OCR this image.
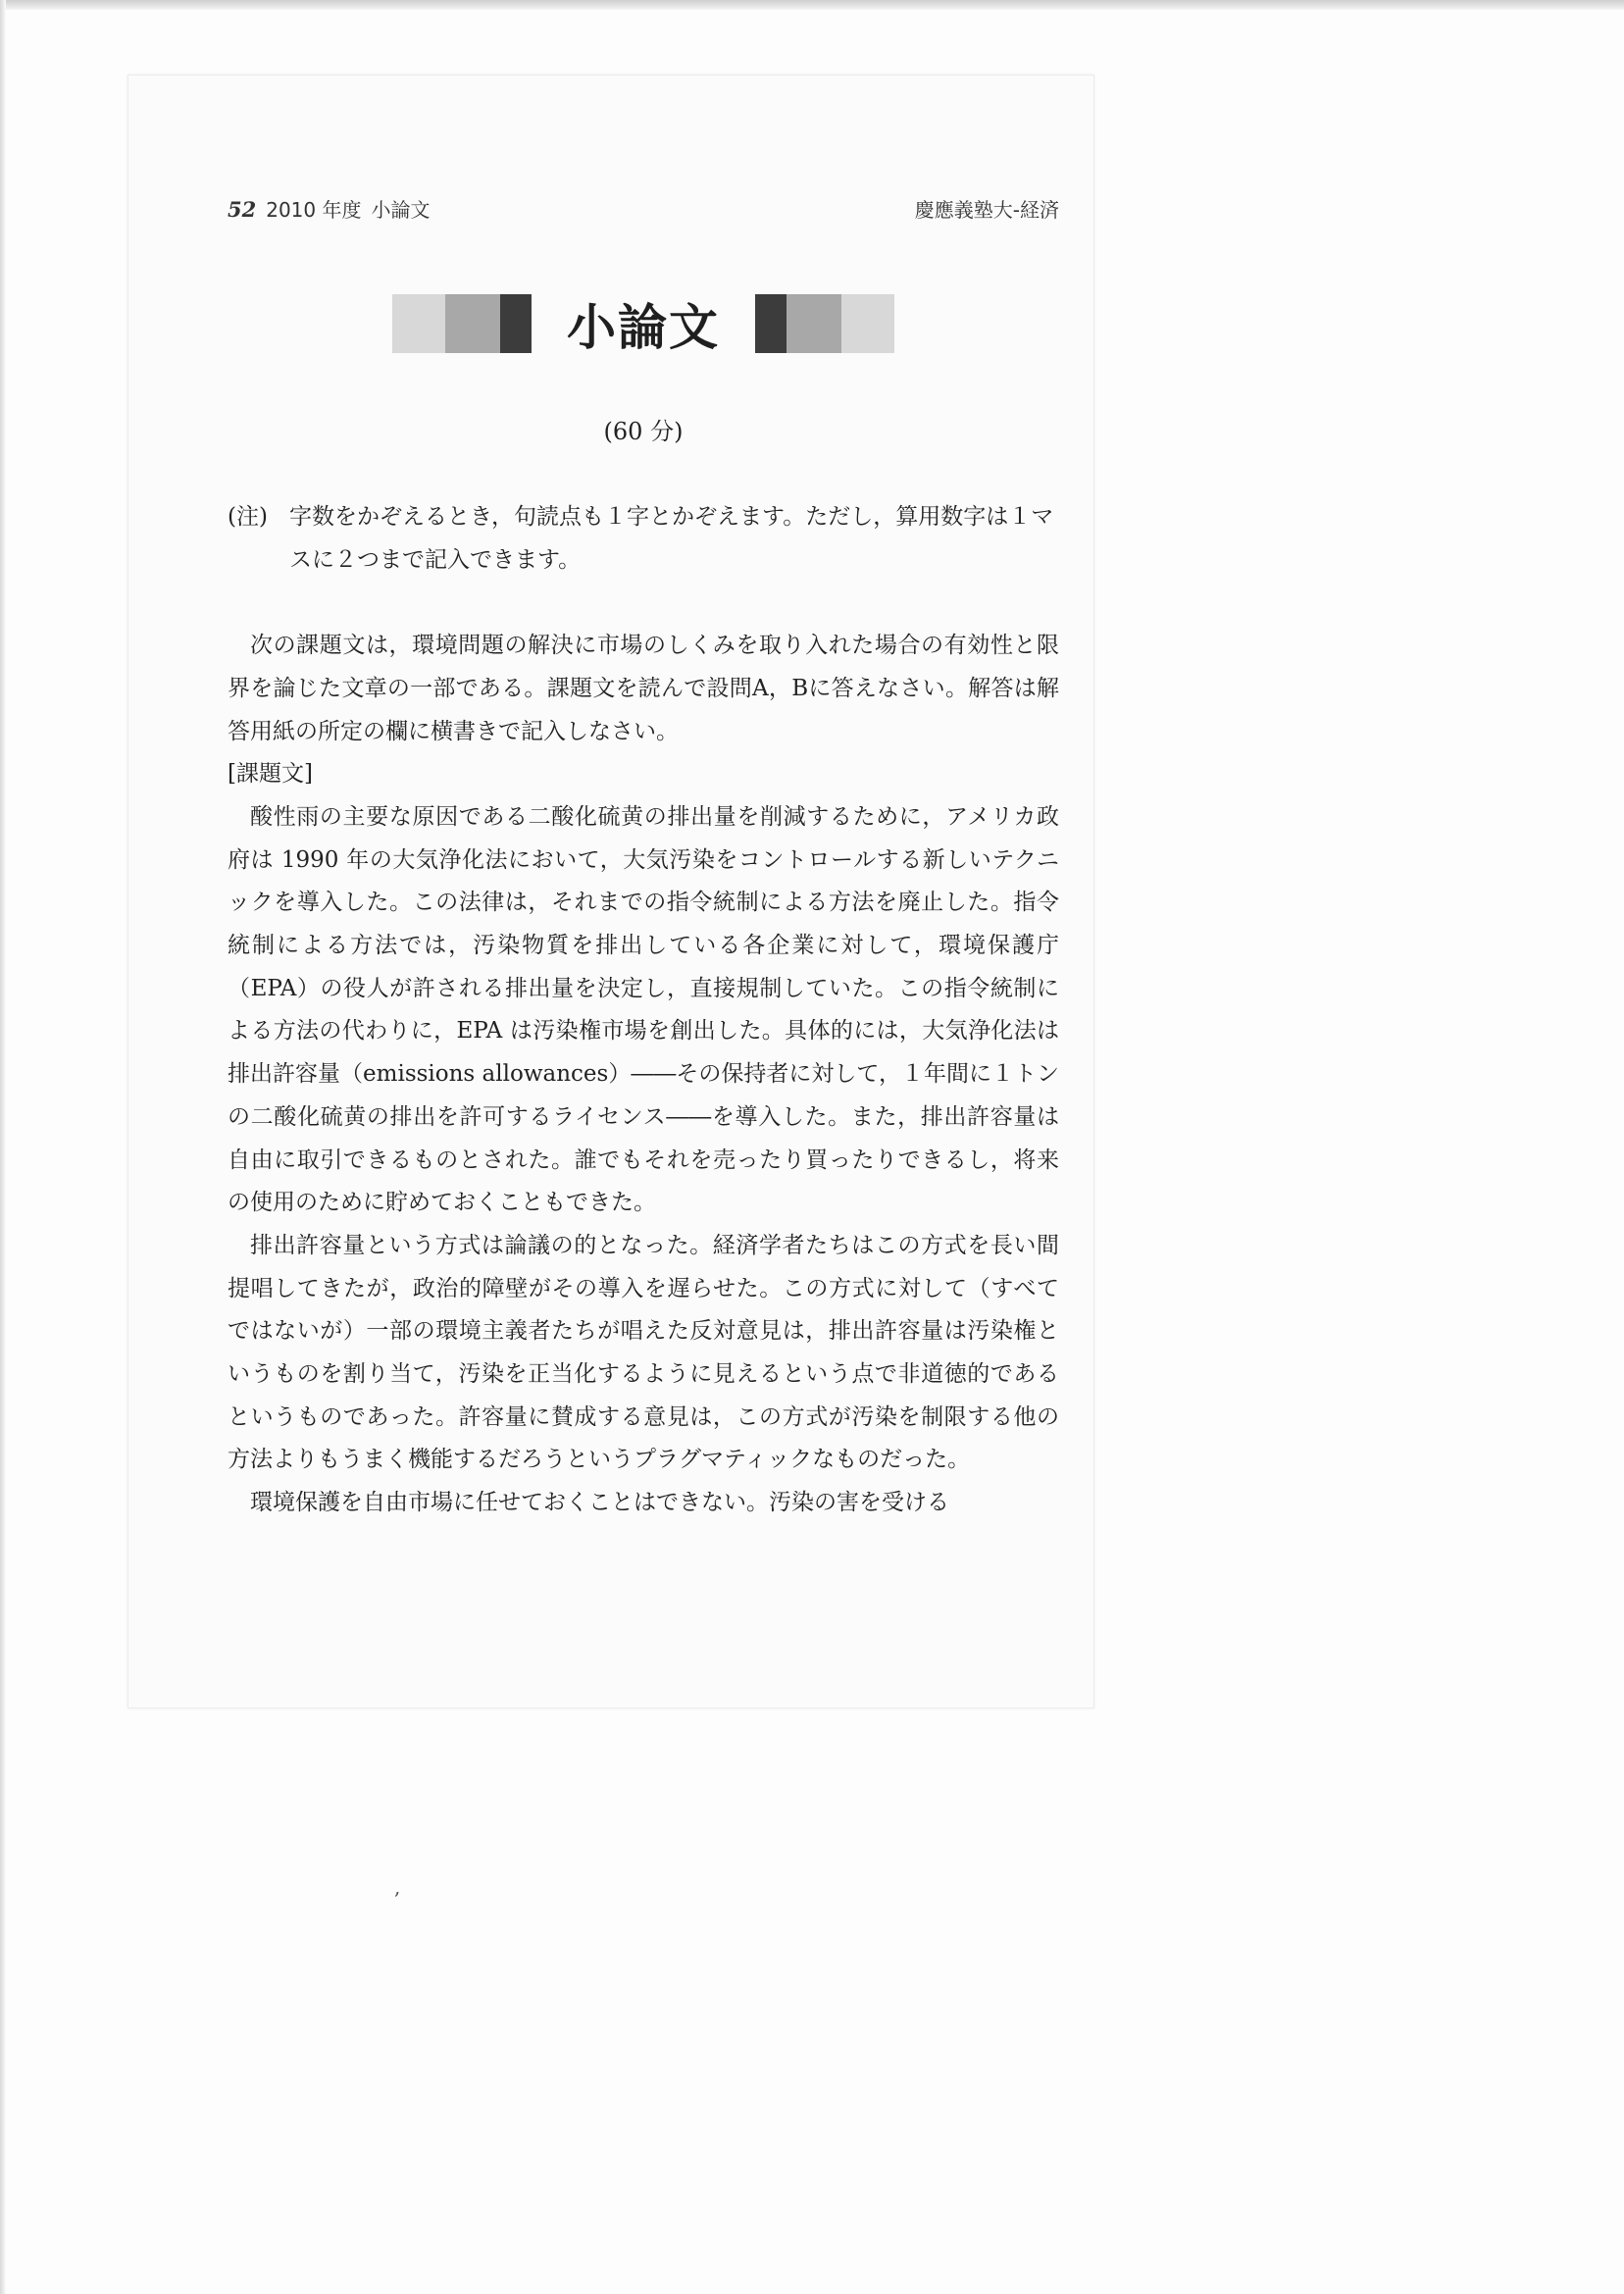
52 2010 年度 小論文	慶應義塾大-経済
小論文
(60 分)
(注) 字数をかぞえるとき，句読点も１字とかぞえます。ただし，算用数字は１マスに２つまで記入できます。

次の課題文は，環境問題の解決に市場のしくみを取り入れた場合の有効性と限界を論じた文章の一部である。課題文を読んで設問A，Bに答えなさい。解答は解答用紙の所定の欄に横書きで記入しなさい。

[課題文]

酸性雨の主要な原因である二酸化硫黄の排出量を削減するために，アメリカ政府は 1990 年の大気浄化法において，大気汚染をコントロールする新しいテクニックを導入した。この法律は，それまでの指令統制による方法を廃止した。指令統制による方法では，汚染物質を排出している各企業に対して，環境保護庁（EPA）の役人が許される排出量を決定し，直接規制していた。この指令統制による方法の代わりに，EPA は汚染権市場を創出した。具体的には，大気浄化法は排出許容量（emissions allowances）――その保持者に対して，１年間に１トンの二酸化硫黄の排出を許可するライセンス――を導入した。また，排出許容量は自由に取引できるものとされた。誰でもそれを売ったり買ったりできるし，将来の使用のために貯めておくこともできた。

排出許容量という方式は論議の的となった。経済学者たちはこの方式を長い間提唱してきたが，政治的障壁がその導入を遅らせた。この方式に対して（すべてではないが）一部の環境主義者たちが唱えた反対意見は，排出許容量は汚染権というものを割り当て，汚染を正当化するように見えるという点で非道徳的であるというものであった。許容量に賛成する意見は，この方式が汚染を制限する他の方法よりもうまく機能するだろうというプラグマティックなものだった。

環境保護を自由市場に任せておくことはできない。汚染の害を受ける

,
